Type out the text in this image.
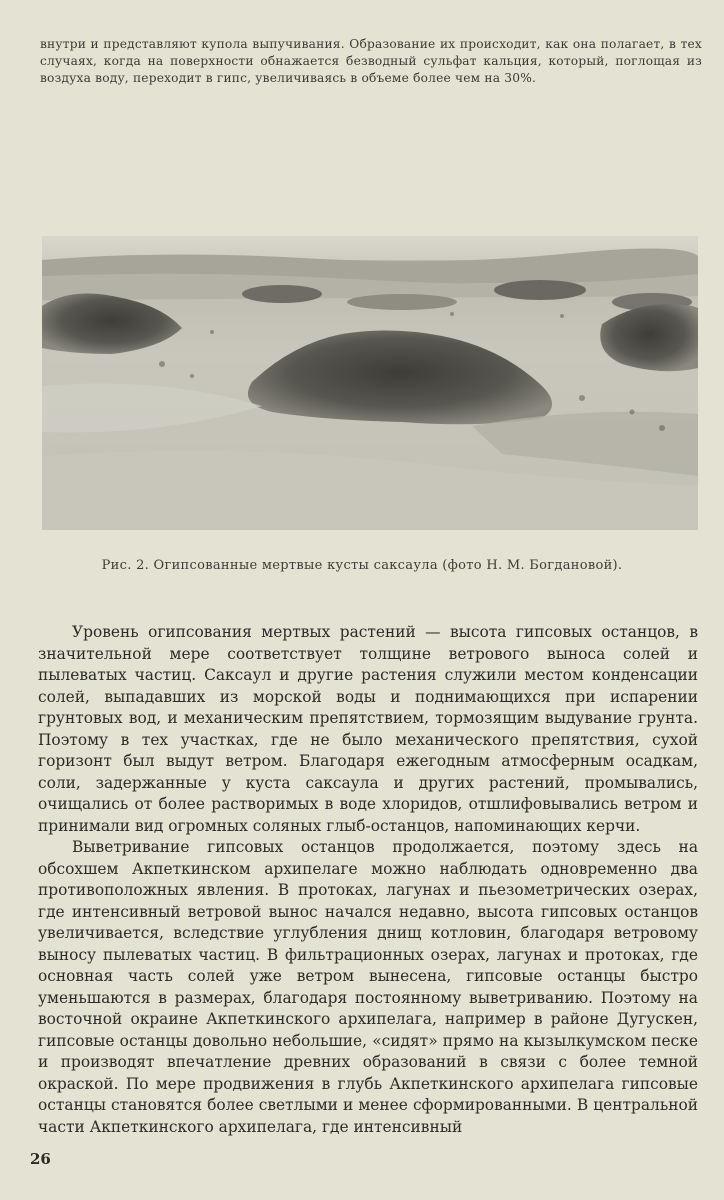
внутри и представляют купола выпучивания. Образование их происходит, как она полагает, в тех случаях, когда на поверхности обнажается безводный сульфат кальция, который, поглощая из воздуха воду, переходит в гипс, увеличиваясь в объеме более чем на 30%.
Рис. 2. Огипсованные мертвые кусты саксаула (фото Н. М. Богдановой).

Уровень огипсования мертвых растений — высота гипсовых останцов, в значительной мере соответствует толщине ветрового выноса солей и пылеватых частиц. Саксаул и другие растения служили местом конденсации солей, выпадавших из морской воды и поднимающихся при испарении грунтовых вод, и механическим препятствием, тормозящим выдувание грунта. Поэтому в тех участках, где не было механического препятствия, сухой горизонт был выдут ветром. Благодаря ежегодным атмосферным осадкам, соли, задержанные у куста саксаула и других растений, промывались, очищались от более растворимых в воде хлоридов, отшлифовывались ветром и принимали вид огромных соляных глыб-останцов, напоминающих керчи.

Выветривание гипсовых останцов продолжается, поэтому здесь на обсохшем Акпеткинском архипелаге можно наблюдать одновременно два противоположных явления. В протоках, лагунах и пьезометрических озерах, где интенсивный ветровой вынос начался недавно, высота гипсовых останцов увеличивается, вследствие углубления днищ котловин, благодаря ветровому выносу пылеватых частиц. В фильтрационных озерах, лагунах и протоках, где основная часть солей уже ветром вынесена, гипсовые останцы быстро уменьшаются в размерах, благодаря постоянному выветриванию. Поэтому на восточной окраине Акпеткинского архипелага, например в районе Дугускен, гипсовые останцы довольно небольшие, «сидят» прямо на кызылкумском песке и производят впечатление древних образований в связи с более темной окраской. По мере продвижения в глубь Акпеткинского архипелага гипсовые останцы становятся более светлыми и менее сформированными. В центральной части Акпеткинского архипелага, где интенсивный

26
